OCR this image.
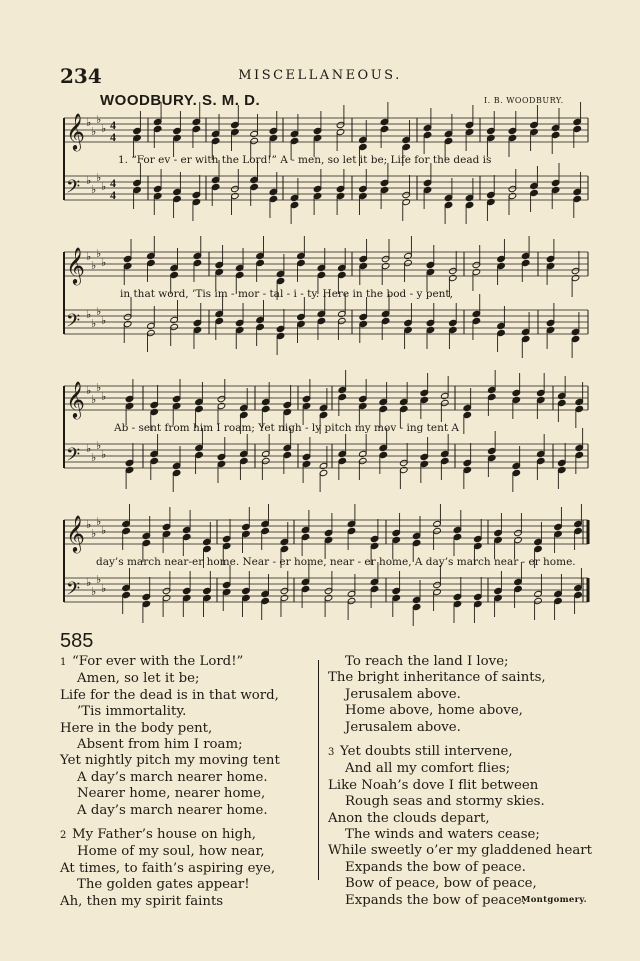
234	MISCELLANEOUS.
WOODBURY. S. M. D.	I. B. WOODBURY.
𝄞 ♭
♭
♭
♭ 4
4
𝄢 ♭
♭
♭
♭ 4
4
𝄞 ♭
♭
♭
♭
𝄢 ♭
♭
♭
♭
𝄞 ♭
♭
♭
♭
𝄢 ♭
♭
♭
♭
𝄞 ♭
♭
♭
♭
𝄢 ♭
♭
♭
♭
1. “For ev - er with the Lord!” A - men, so let it be; Life for the dead is
in that word, ’Tis im - mor - tal - i - ty. Here in the bod - y pent,
Ab - sent from him I roam; Yet nigh - ly pitch my mov - ing tent A
day’s march near-er home. Near - er home, near - er home, A day’s march near - er home.
585
1 “For ever with the Lord!”
Amen, so let it be;
Life for the dead is in that word,
’Tis immortality.
Here in the body pent,
Absent from him I roam;
Yet nightly pitch my moving tent
A day’s march nearer home.
Nearer home, nearer home,
A day’s march nearer home.

2 My Father’s house on high,
Home of my soul, how near,
At times, to faith’s aspiring eye,
The golden gates appear!
Ah, then my spirit faints
To reach the land I love;
The bright inheritance of saints,
Jerusalem above.
Home above, home above,
Jerusalem above.

3 Yet doubts still intervene,
And all my comfort flies;
Like Noah’s dove I flit between
Rough seas and stormy skies.
Anon the clouds depart,
The winds and waters cease;
While sweetly o’er my gladdened heart
Expands the bow of peace.
Bow of peace, bow of peace,
Expands the bow of peace.
Montgomery.
